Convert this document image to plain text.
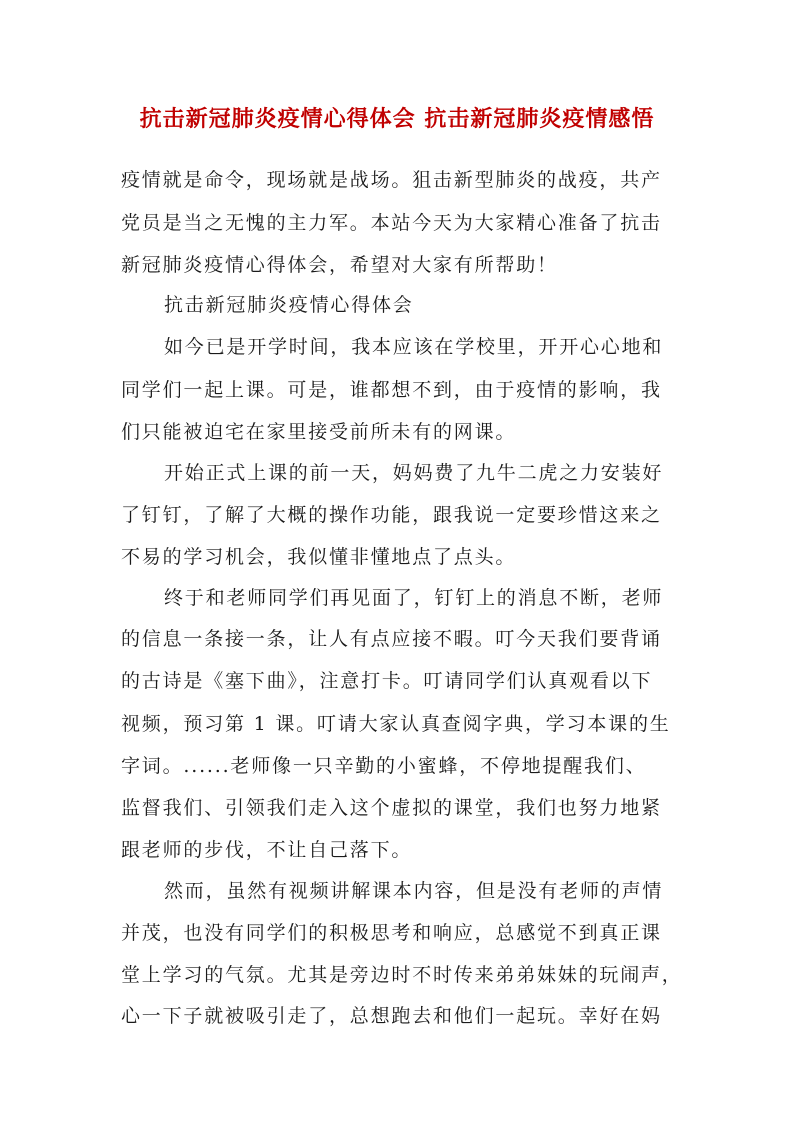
抗击新冠肺炎疫情心得体会 抗击新冠肺炎疫情感悟
疫情就是命令，现场就是战场。狙击新型肺炎的战疫，共产
党员是当之无愧的主力军。本站今天为大家精心准备了抗击
新冠肺炎疫情心得体会，希望对大家有所帮助！
抗击新冠肺炎疫情心得体会
如今已是开学时间，我本应该在学校里，开开心心地和
同学们一起上课。可是，谁都想不到，由于疫情的影响，我
们只能被迫宅在家里接受前所未有的网课。
开始正式上课的前一天，妈妈费了九牛二虎之力安装好
了钉钉，了解了大概的操作功能，跟我说一定要珍惜这来之
不易的学习机会，我似懂非懂地点了点头。
终于和老师同学们再见面了，钉钉上的消息不断，老师
的信息一条接一条，让人有点应接不暇。叮今天我们要背诵
的古诗是《塞下曲》，注意打卡。叮请同学们认真观看以下
视频，预习第 1 课。叮请大家认真查阅字典，学习本课的生
字词。......老师像一只辛勤的小蜜蜂，不停地提醒我们、
监督我们、引领我们走入这个虚拟的课堂，我们也努力地紧
跟老师的步伐，不让自己落下。
然而，虽然有视频讲解课本内容，但是没有老师的声情
并茂，也没有同学们的积极思考和响应，总感觉不到真正课
堂上学习的气氛。尤其是旁边时不时传来弟弟妹妹的玩闹声，
心一下子就被吸引走了，总想跑去和他们一起玩。幸好在妈
